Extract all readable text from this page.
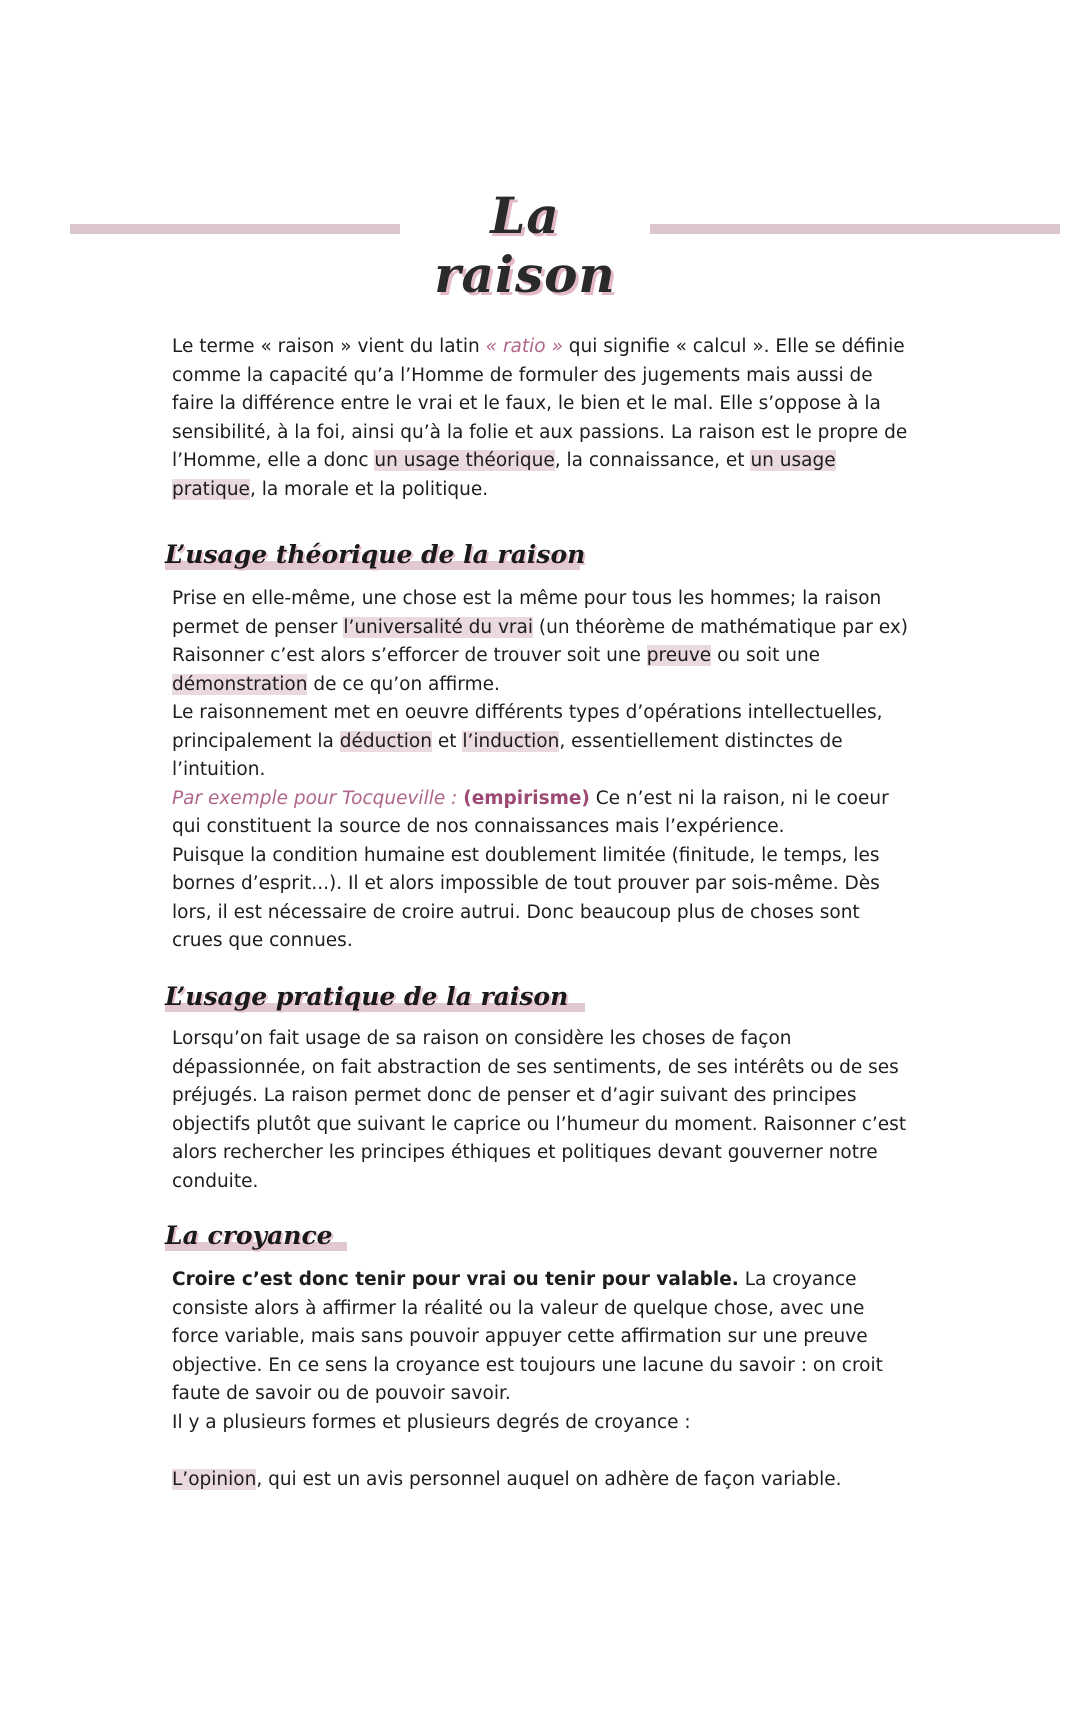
La raison
Le terme « raison » vient du latin « ratio » qui signifie « calcul ». Elle se définie comme la capacité qu’a l’Homme de formuler des jugements mais aussi de faire la différence entre le vrai et le faux, le bien et le mal. Elle s’oppose à la sensibilité, à la foi, ainsi qu’à la folie et aux passions. La raison est le propre de l’Homme, elle a donc un usage théorique, la connaissance, et un usage pratique, la morale et la politique.
L’usage théorique de la raison

Prise en elle-même, une chose est la même pour tous les hommes; la raison permet de penser l’universalité du vrai (un théorème de mathématique par ex) Raisonner c’est alors s’efforcer de trouver soit une preuve ou soit une démonstration de ce qu’on affirme.

Le raisonnement met en oeuvre différents types d’opérations intellectuelles, principalement la déduction et l’induction, essentiellement distinctes de l’intuition.

Par exemple pour Tocqueville : (empirisme) Ce n’est ni la raison, ni le coeur qui constituent la source de nos connaissances mais l’expérience.

Puisque la condition humaine est doublement limitée (finitude, le temps, les bornes d’esprit...). Il et alors impossible de tout prouver par sois-même. Dès lors, il est nécessaire de croire autrui. Donc beaucoup plus de choses sont crues que connues.

L’usage pratique de la raison
Lorsqu’on fait usage de sa raison on considère les choses de façon dépassionnée, on fait abstraction de ses sentiments, de ses intérêts ou de ses préjugés. La raison permet donc de penser et d’agir suivant des principes objectifs plutôt que suivant le caprice ou l’humeur du moment. Raisonner c’est alors rechercher les principes éthiques et politiques devant gouverner notre conduite.
La croyance

Croire c’est donc tenir pour vrai ou tenir pour valable. La croyance consiste alors à affirmer la réalité ou la valeur de quelque chose, avec une force variable, mais sans pouvoir appuyer cette affirmation sur une preuve objective. En ce sens la croyance est toujours une lacune du savoir : on croit faute de savoir ou de pouvoir savoir.

Il y a plusieurs formes et plusieurs degrés de croyance :

L’opinion, qui est un avis personnel auquel on adhère de façon variable.
